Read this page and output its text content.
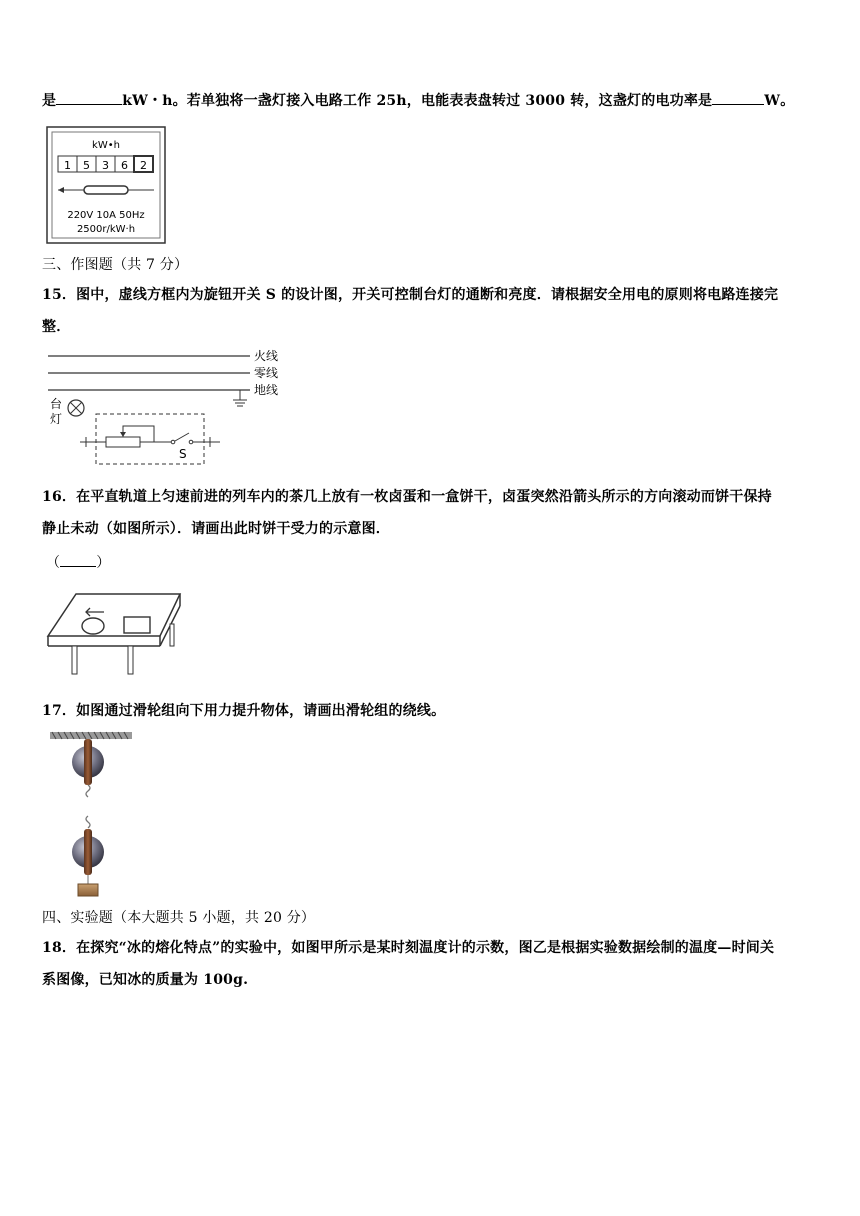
是	kW・h。若单独将一盏灯接入电路工作 25h，电能表表盘转过 3000 转，这盏灯的电功率是	W。
kW•h
1 5 3 6 2
220V 10A 50Hz
2500r/kW·h
三、作图题（共 7 分）
15．图中，虚线方框内为旋钮开关 S 的设计图，开关可控制台灯的通断和亮度．请根据安全用电的原则将电路连接完
整．
火线
零线
地线
台
灯
S
16．在平直轨道上匀速前进的列车内的茶几上放有一枚卤蛋和一盒饼干，卤蛋突然沿箭头所示的方向滚动而饼干保持
静止未动（如图所示）．请画出此时饼干受力的示意图．
（	）
17．如图通过滑轮组向下用力提升物体，请画出滑轮组的绕线。
四、实验题（本大题共 5 小题，共 20 分）
18．在探究“冰的熔化特点”的实验中，如图甲所示是某时刻温度计的示数，图乙是根据实验数据绘制的温度—时间关
系图像，已知冰的质量为 100g.
